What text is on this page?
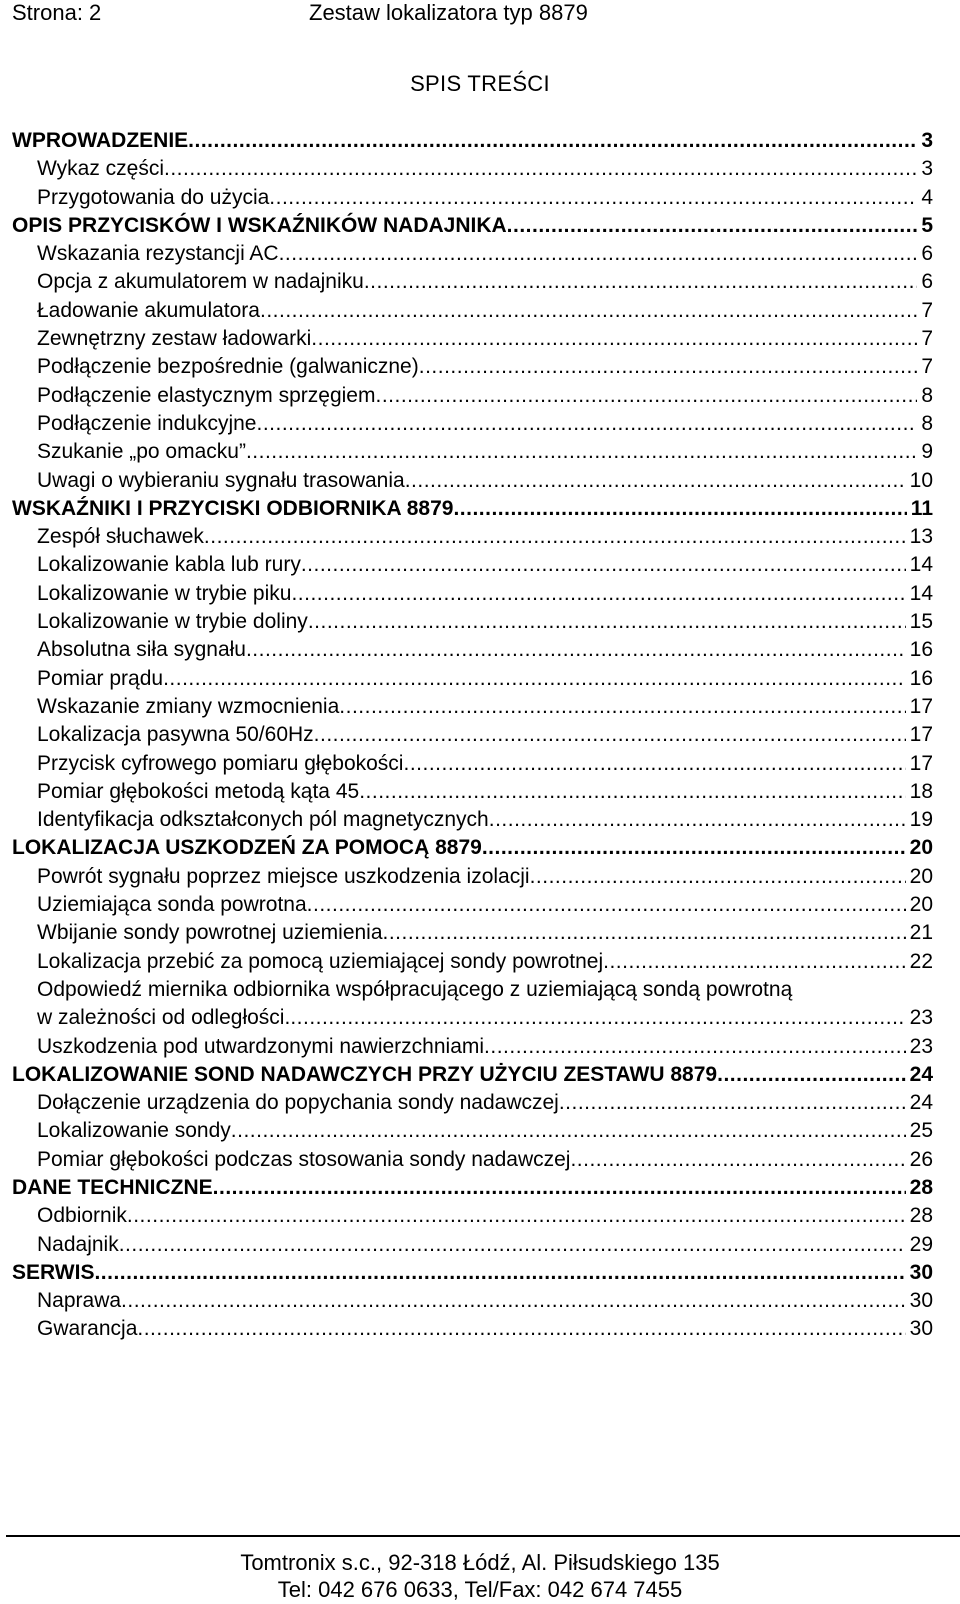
Strona: 2	Zestaw lokalizatora typ 8879
SPIS TREŚCI
WPROWADZENIE .....	3
Wykaz części .....	3
Przygotowania do użycia .....	4
OPIS PRZYCISKÓW I WSKAŹNIKÓW NADAJNIKA .....	5
Wskazania rezystancji AC .....	6
Opcja z akumulatorem w nadajniku .....	6
Ładowanie akumulatora .....	7
Zewnętrzny zestaw ładowarki .....	7
Podłączenie bezpośrednie (galwaniczne) .....	7
Podłączenie elastycznym sprzęgiem .....	8
Podłączenie indukcyjne .....	8
Szukanie „po omacku” .....	9
Uwagi o wybieraniu sygnału trasowania .....	10
WSKAŹNIKI I PRZYCISKI ODBIORNIKA 8879 .....	11
Zespół słuchawek .....	13
Lokalizowanie kabla lub rury .....	14
Lokalizowanie w trybie piku .....	14
Lokalizowanie w trybie doliny .....	15
Absolutna siła sygnału .....	16
Pomiar prądu .....	16
Wskazanie zmiany wzmocnienia .....	17
Lokalizacja pasywna 50/60Hz .....	17
Przycisk cyfrowego pomiaru głębokości .....	17
Pomiar głębokości metodą kąta 45 .....	18
Identyfikacja odkształconych pól magnetycznych .....	19
LOKALIZACJA USZKODZEŃ ZA POMOCĄ 8879 .....	20
Powrót sygnału poprzez miejsce uszkodzenia izolacji .....	20
Uziemiająca sonda powrotna .....	20
Wbijanie sondy powrotnej uziemienia .....	21
Lokalizacja przebić za pomocą uziemiającej sondy powrotnej .....	22
Odpowiedź miernika odbiornika współpracującego z uziemiającą sondą powrotną
w zależności od odległości. .....	23
Uszkodzenia pod utwardzonymi nawierzchniami .....	23
LOKALIZOWANIE SOND NADAWCZYCH PRZY UŻYCIU ZESTAWU 8879 .....	24
Dołączenie urządzenia do popychania sondy nadawczej .....	24
Lokalizowanie sondy .....	25
Pomiar głębokości podczas stosowania sondy nadawczej .....	26
DANE TECHNICZNE .....	28
Odbiornik .....	28
Nadajnik .....	29
SERWIS .....	30
Naprawa .....	30
Gwarancja .....	30
Tomtronix s.c., 92-318 Łódź, Al. Piłsudskiego 135
Tel: 042 676 0633, Tel/Fax: 042 674 7455
